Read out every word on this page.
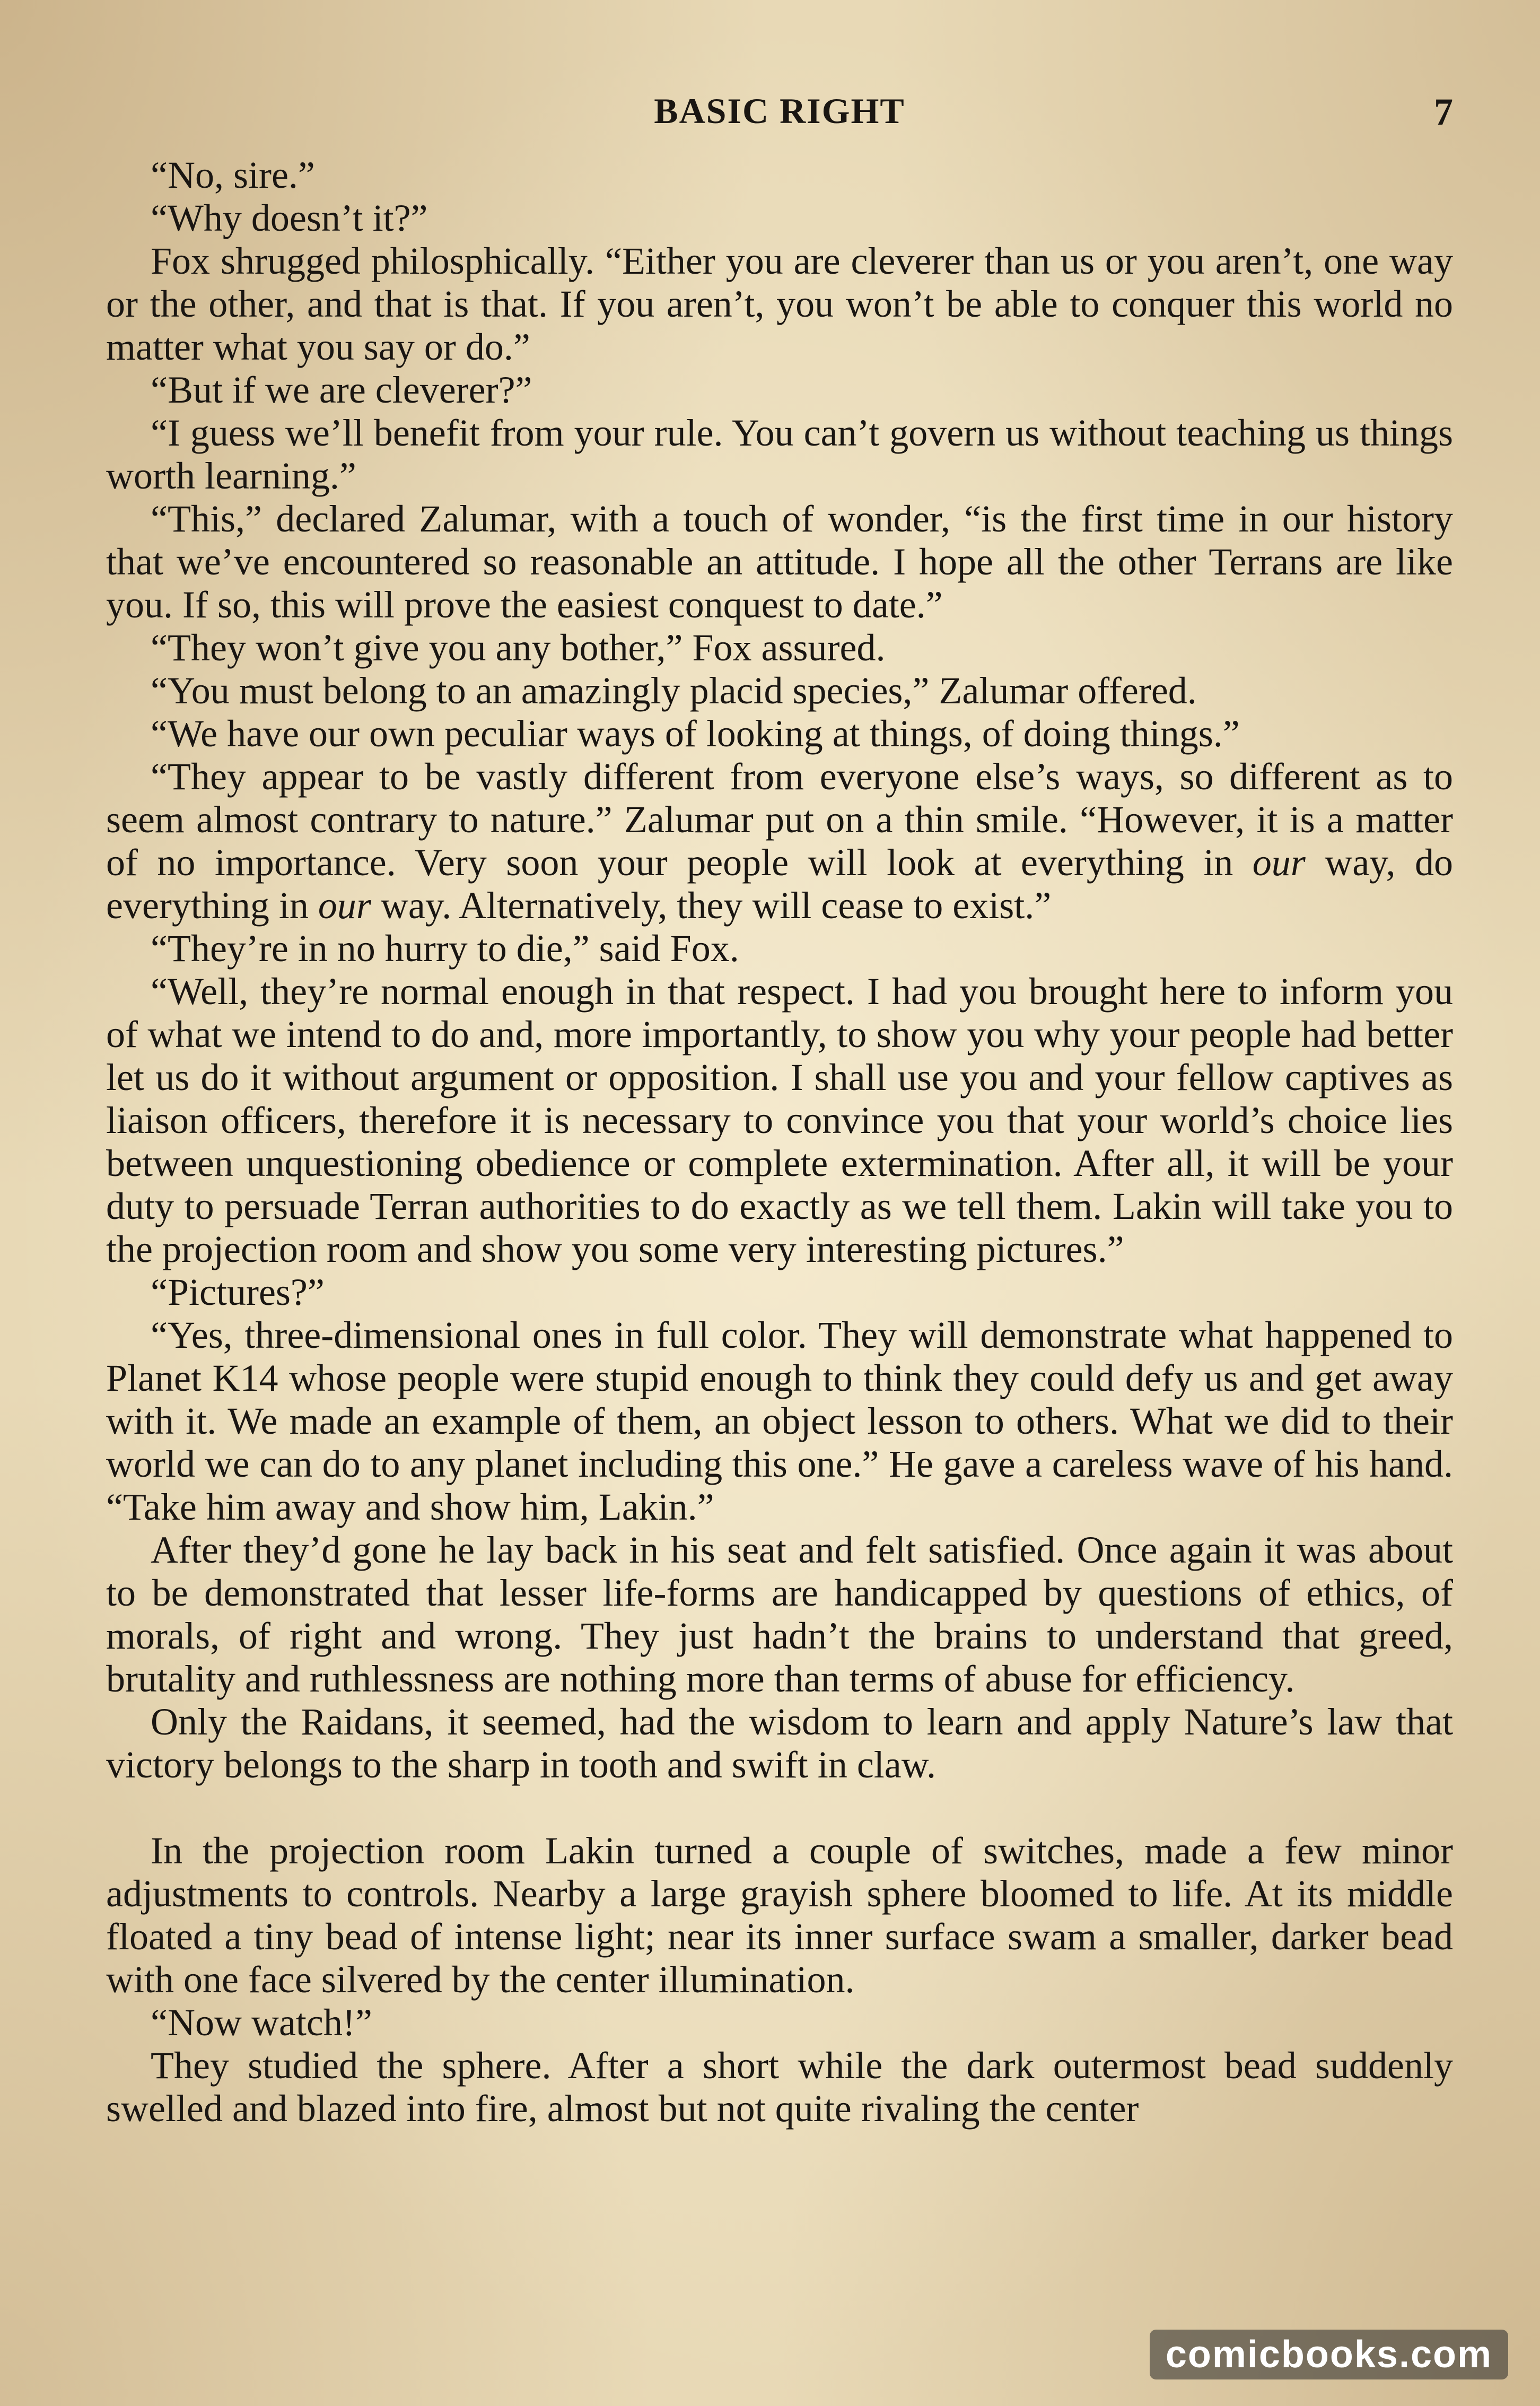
BASIC RIGHT	7

“No, sire.”

“Why doesn’t it?”

Fox shrugged philosphically. “Either you are cleverer than us or you aren’t, one way or the other, and that is that. If you aren’t, you won’t be able to conquer this world no matter what you say or do.”

“But if we are cleverer?”

“I guess we’ll benefit from your rule. You can’t govern us without teaching us things worth learning.”

“This,” declared Zalumar, with a touch of wonder, “is the first time in our history that we’ve encountered so reasonable an attitude. I hope all the other Terrans are like you. If so, this will prove the easiest conquest to date.”

“They won’t give you any bother,” Fox assured.

“You must belong to an amazingly placid species,” Zalumar offered.

“We have our own peculiar ways of looking at things, of doing things.”

“They appear to be vastly different from everyone else’s ways, so different as to seem almost contrary to nature.” Zalumar put on a thin smile. “However, it is a matter of no importance. Very soon your people will look at everything in our way, do everything in our way. Alternatively, they will cease to exist.”

“They’re in no hurry to die,” said Fox.

“Well, they’re normal enough in that respect. I had you brought here to inform you of what we intend to do and, more importantly, to show you why your people had better let us do it without argument or opposition. I shall use you and your fellow captives as liaison officers, therefore it is necessary to convince you that your world’s choice lies between unquestioning obedience or complete extermination. After all, it will be your duty to persuade Terran authorities to do exactly as we tell them. Lakin will take you to the projection room and show you some very interesting pictures.”

“Pictures?”

“Yes, three-dimensional ones in full color. They will demonstrate what happened to Planet K14 whose people were stupid enough to think they could defy us and get away with it. We made an example of them, an object lesson to others. What we did to their world we can do to any planet including this one.” He gave a careless wave of his hand. “Take him away and show him, Lakin.”

After they’d gone he lay back in his seat and felt satisfied. Once again it was about to be demonstrated that lesser life-forms are handicapped by questions of ethics, of morals, of right and wrong. They just hadn’t the brains to understand that greed, brutality and ruthlessness are nothing more than terms of abuse for efficiency.

Only the Raidans, it seemed, had the wisdom to learn and apply Nature’s law that victory belongs to the sharp in tooth and swift in claw.

In the projection room Lakin turned a couple of switches, made a few minor adjustments to controls. Nearby a large grayish sphere bloomed to life. At its middle floated a tiny bead of intense light; near its inner surface swam a smaller, darker bead with one face silvered by the center illumination.

“Now watch!”

They studied the sphere. After a short while the dark outermost bead suddenly swelled and blazed into fire, almost but not quite rivaling the center

comicbooks.com
